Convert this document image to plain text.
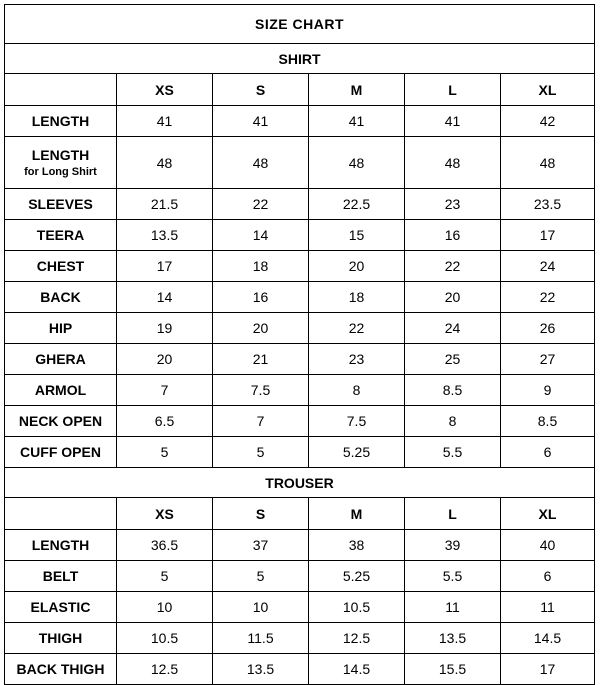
SIZE CHART					
SHIRT					
	XS	S	M	L	XL
LENGTH	41	41	41	41	42
LENGTH
for Long Shirt	48	48	48	48	48
SLEEVES	21.5	22	22.5	23	23.5
TEERA	13.5	14	15	16	17
CHEST	17	18	20	22	24
BACK	14	16	18	20	22
HIP	19	20	22	24	26
GHERA	20	21	23	25	27
ARMOL	7	7.5	8	8.5	9
NECK OPEN	6.5	7	7.5	8	8.5
CUFF OPEN	5	5	5.25	5.5	6
TROUSER					
	XS	S	M	L	XL
LENGTH	36.5	37	38	39	40
BELT	5	5	5.25	5.5	6
ELASTIC	10	10	10.5	11	11
THIGH	10.5	11.5	12.5	13.5	14.5
BACK THIGH	12.5	13.5	14.5	15.5	17
